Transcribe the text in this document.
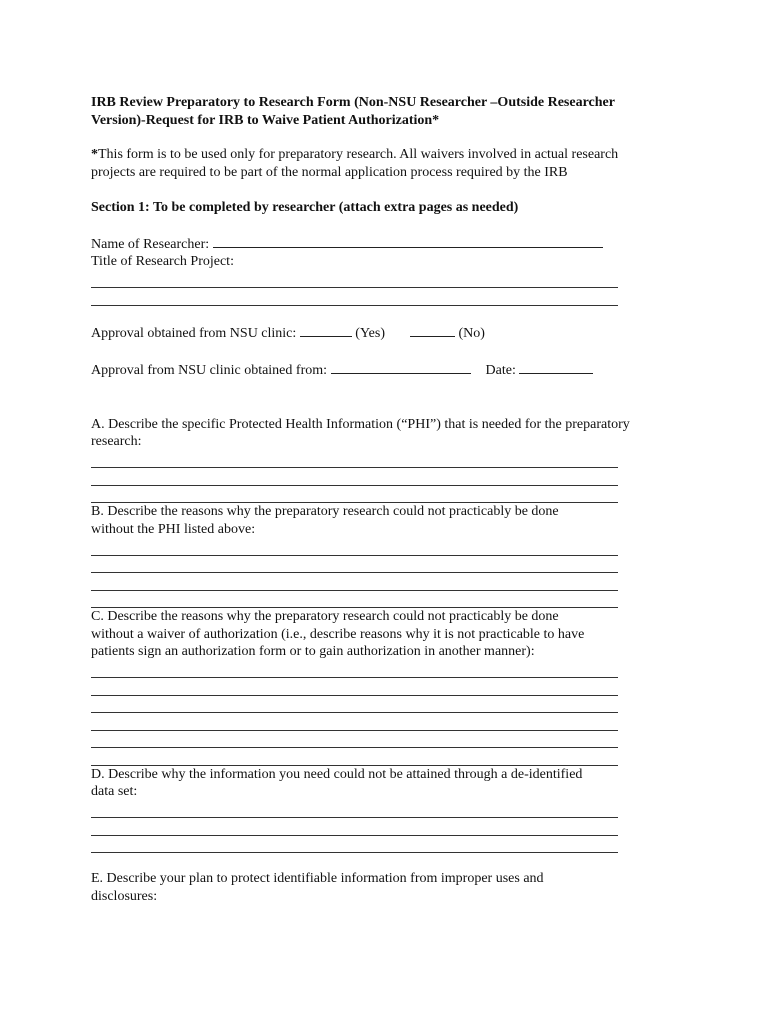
IRB Review Preparatory to Research Form (Non-NSU Researcher –Outside Researcher
Version)-Request for IRB to Waive Patient Authorization*

*This form is to be used only for preparatory research. All waivers involved in actual research
projects are required to be part of the normal application process required by the IRB

Section 1: To be completed by researcher (attach extra pages as needed)

Name of Researcher:

Title of Research Project:

Approval obtained from NSU clinic:	(Yes)	(No)

Approval from NSU clinic obtained from:	Date:

A. Describe the specific Protected Health Information (“PHI”) that is needed for the preparatory
research:

B. Describe the reasons why the preparatory research could not practicably be done
without the PHI listed above:

C. Describe the reasons why the preparatory research could not practicably be done
without a waiver of authorization (i.e., describe reasons why it is not practicable to have
patients sign an authorization form or to gain authorization in another manner):

D. Describe why the information you need could not be attained through a de-identified
data set:

E. Describe your plan to protect identifiable information from improper uses and
disclosures:
